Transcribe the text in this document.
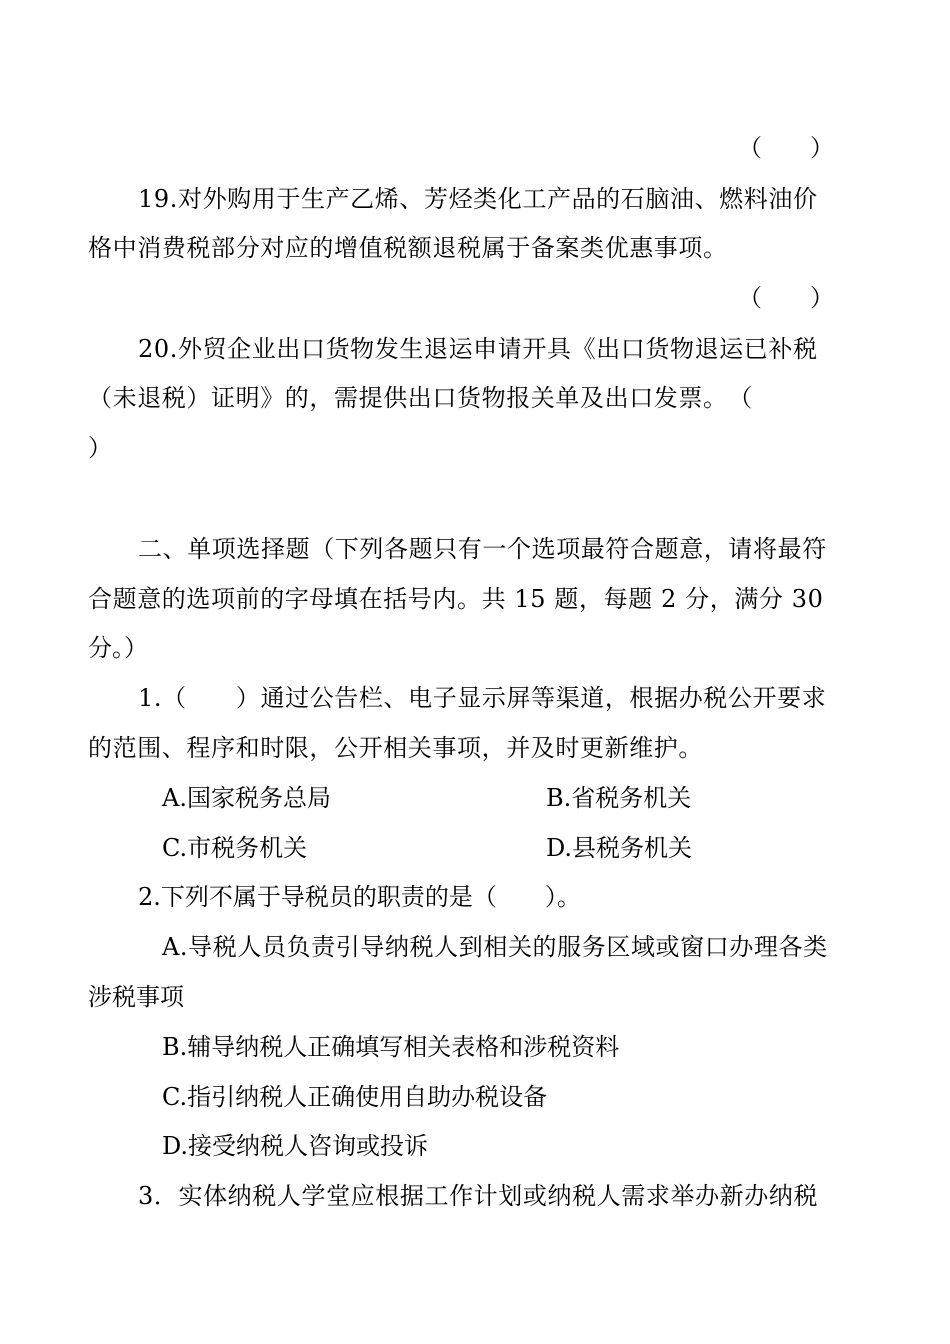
（　　）
19.对外购用于生产乙烯、芳烃类化工产品的石脑油、燃料油价
格中消费税部分对应的增值税额退税属于备案类优惠事项。
（　　）
20.外贸企业出口货物发生退运申请开具《出口货物退运已补税
（未退税）证明》的，需提供出口货物报关单及出口发票。　（
）
二、单项选择题（下列各题只有一个选项最符合题意，请将最符
合题意的选项前的字母填在括号内。共 15 题，每题 2 分，满分 30
分。）
1.（　　）通过公告栏、电子显示屏等渠道，根据办税公开要求
的范围、程序和时限，公开相关事项，并及时更新维护。
A.国家税务总局	B.省税务机关
C.市税务机关	D.县税务机关
2.下列不属于导税员的职责的是（　　）。
A.导税人员负责引导纳税人到相关的服务区域或窗口办理各类
涉税事项
B.辅导纳税人正确填写相关表格和涉税资料
C.指引纳税人正确使用自助办税设备
D.接受纳税人咨询或投诉
3．实体纳税人学堂应根据工作计划或纳税人需求举办新办纳税
